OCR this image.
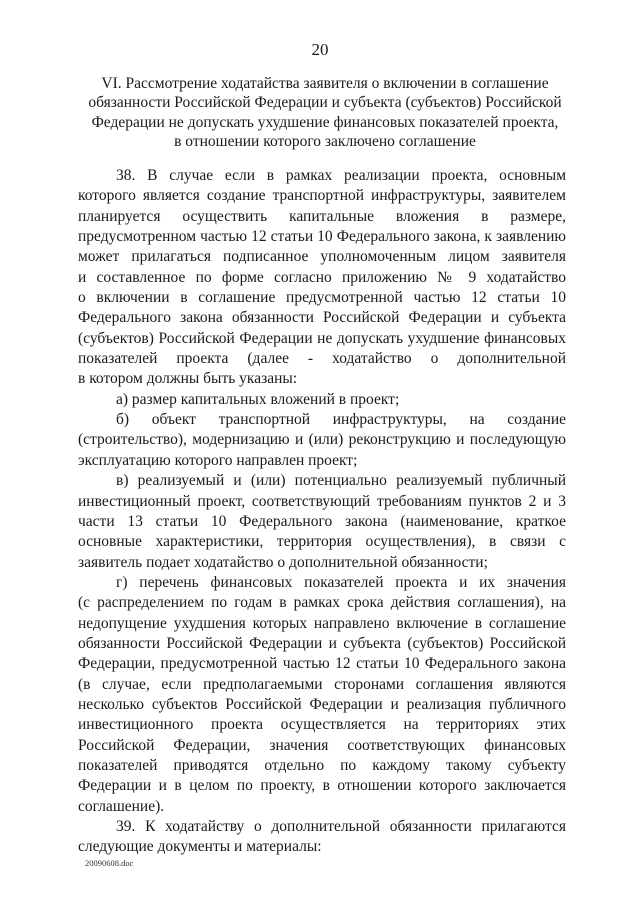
20
VI. Рассмотрение ходатайства заявителя о включении в соглашение
обязанности Российской Федерации и субъекта (субъектов) Российской
Федерации не допускать ухудшение финансовых показателей проекта,
в отношении которого заключено соглашение
38. В случае если в рамках реализации проекта, основным
которого является создание транспортной инфраструктуры, заявителем
планируется осуществить капитальные вложения в размере,
предусмотренном частью 12 статьи 10 Федерального закона, к заявлению
может прилагаться подписанное уполномоченным лицом заявителя
и составленное по форме согласно приложению № 9 ходатайство
о включении в соглашение предусмотренной частью 12 статьи 10
Федерального закона обязанности Российской Федерации и субъекта
(субъектов) Российской Федерации не допускать ухудшение финансовых
показателей проекта (далее - ходатайство о дополнительной
в котором должны быть указаны:
а) размер капитальных вложений в проект;
б) объект транспортной инфраструктуры, на создание
(строительство), модернизацию и (или) реконструкцию и последующую
эксплуатацию которого направлен проект;
в) реализуемый и (или) потенциально реализуемый публичный
инвестиционный проект, соответствующий требованиям пунктов 2 и 3
части 13 статьи 10 Федерального закона (наименование, краткое
основные характеристики, территория осуществления), в связи с
заявитель подает ходатайство о дополнительной обязанности;
г) перечень финансовых показателей проекта и их значения
(с распределением по годам в рамках срока действия соглашения), на
недопущение ухудшения которых направлено включение в соглашение
обязанности Российской Федерации и субъекта (субъектов) Российской
Федерации, предусмотренной частью 12 статьи 10 Федерального закона
(в случае, если предполагаемыми сторонами соглашения являются
несколько субъектов Российской Федерации и реализация публичного
инвестиционного проекта осуществляется на территориях этих
Российской Федерации, значения соответствующих финансовых
показателей приводятся отдельно по каждому такому субъекту
Федерации и в целом по проекту, в отношении которого заключается
соглашение).
39. К ходатайству о дополнительной обязанности прилагаются
следующие документы и материалы:
20090608.doc
